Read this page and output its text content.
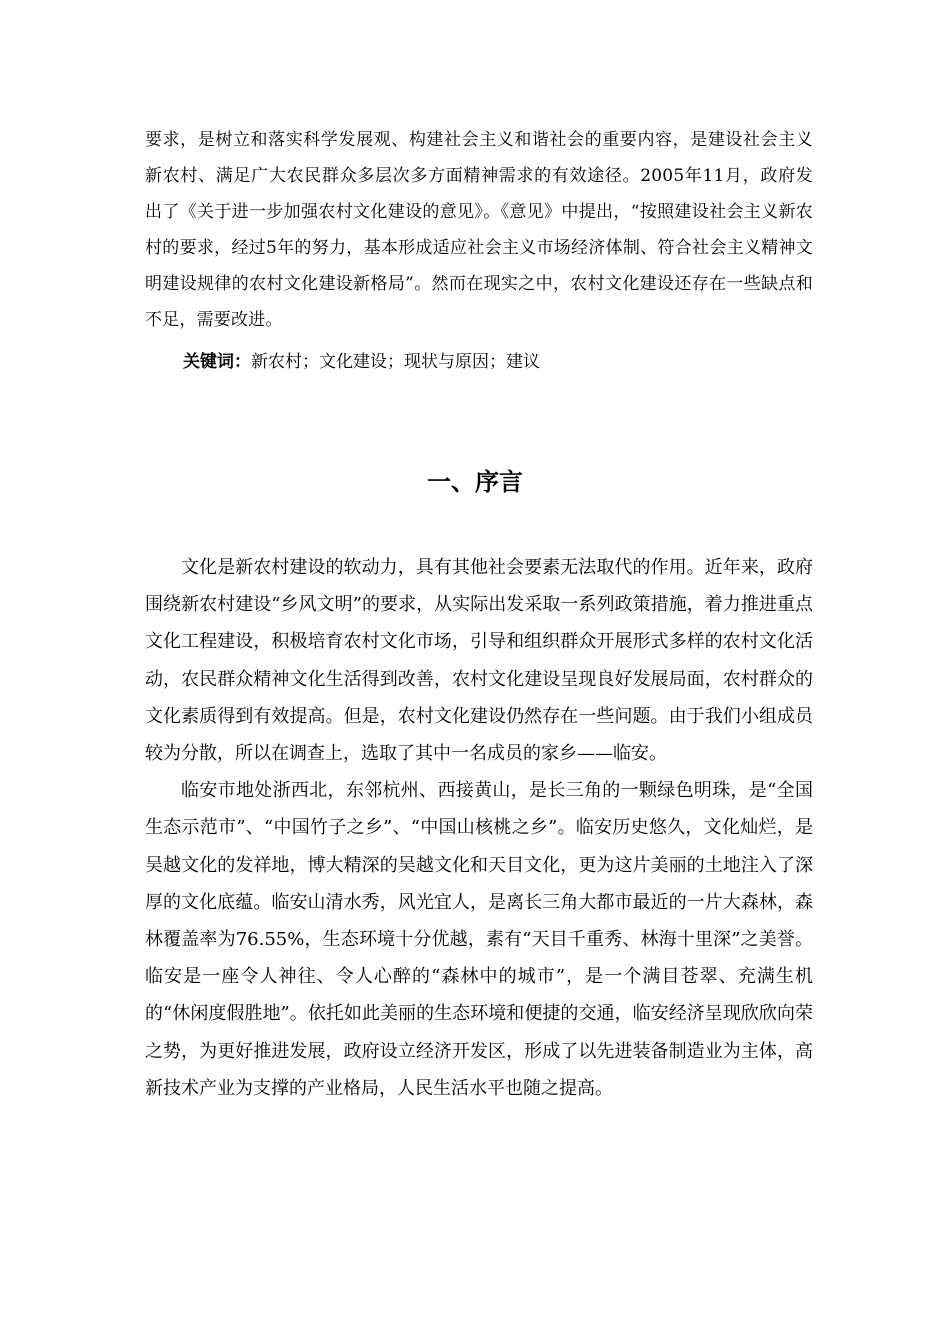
要求，是树立和落实科学发展观、构建社会主义和谐社会的重要内容，是建设社会主义新农村、满足广大农民群众多层次多方面精神需求的有效途径。2005年11月，政府发出了《关于进一步加强农村文化建设的意见》。《意见》中提出，“按照建设社会主义新农村的要求，经过5年的努力，基本形成适应社会主义市场经济体制、符合社会主义精神文明建设规律的农村文化建设新格局”。然而在现实之中，农村文化建设还存在一些缺点和不足，需要改进。

关键词：新农村；文化建设；现状与原因；建议
一、序言

文化是新农村建设的软动力，具有其他社会要素无法取代的作用。近年来，政府围绕新农村建设“乡风文明”的要求，从实际出发采取一系列政策措施，着力推进重点文化工程建设，积极培育农村文化市场，引导和组织群众开展形式多样的农村文化活动，农民群众精神文化生活得到改善，农村文化建设呈现良好发展局面，农村群众的文化素质得到有效提高。但是，农村文化建设仍然存在一些问题。由于我们小组成员较为分散，所以在调查上，选取了其中一名成员的家乡——临安。

临安市地处浙西北，东邻杭州、西接黄山，是长三角的一颗绿色明珠，是“全国生态示范市”、“中国竹子之乡”、“中国山核桃之乡”。临安历史悠久，文化灿烂，是吴越文化的发祥地，博大精深的吴越文化和天目文化，更为这片美丽的土地注入了深厚的文化底蕴。临安山清水秀，风光宜人，是离长三角大都市最近的一片大森林，森林覆盖率为76.55%，生态环境十分优越，素有“天目千重秀、林海十里深”之美誉。临安是一座令人神往、令人心醉的“森林中的城市”，是一个满目苍翠、充满生机的“休闲度假胜地”。依托如此美丽的生态环境和便捷的交通，临安经济呈现欣欣向荣之势，为更好推进发展，政府设立经济开发区，形成了以先进装备制造业为主体，高新技术产业为支撑的产业格局，人民生活水平也随之提高。
